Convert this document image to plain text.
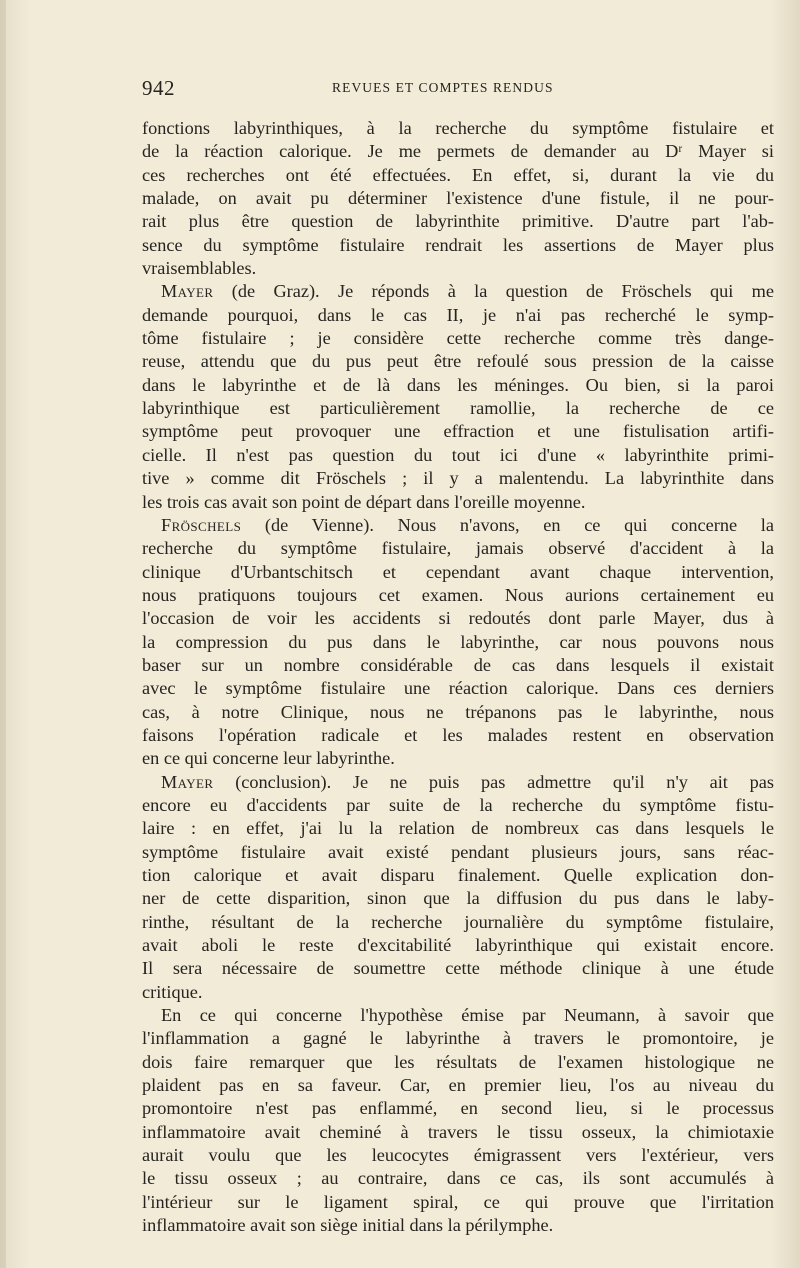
942	REVUES ET COMPTES RENDUS
fonctions labyrinthiques, à la recherche du symptôme fistulaire et
de la réaction calorique. Je me permets de demander au Dʳ Mayer si
ces recherches ont été effectuées. En effet, si, durant la vie du
malade, on avait pu déterminer l'existence d'une fistule, il ne pour-
rait plus être question de labyrinthite primitive. D'autre part l'ab-
sence du symptôme fistulaire rendrait les assertions de Mayer plus
vraisemblables.
Mayer (de Graz). Je réponds à la question de Fröschels qui me
demande pourquoi, dans le cas II, je n'ai pas recherché le symp-
tôme fistulaire ; je considère cette recherche comme très dange-
reuse, attendu que du pus peut être refoulé sous pression de la caisse
dans le labyrinthe et de là dans les méninges. Ou bien, si la paroi
labyrinthique est particulièrement ramollie, la recherche de ce
symptôme peut provoquer une effraction et une fistulisation artifi-
cielle. Il n'est pas question du tout ici d'une « labyrinthite primi-
tive » comme dit Fröschels ; il y a malentendu. La labyrinthite dans
les trois cas avait son point de départ dans l'oreille moyenne.
Fröschels (de Vienne). Nous n'avons, en ce qui concerne la
recherche du symptôme fistulaire, jamais observé d'accident à la
clinique d'Urbantschitsch et cependant avant chaque intervention,
nous pratiquons toujours cet examen. Nous aurions certainement eu
l'occasion de voir les accidents si redoutés dont parle Mayer, dus à
la compression du pus dans le labyrinthe, car nous pouvons nous
baser sur un nombre considérable de cas dans lesquels il existait
avec le symptôme fistulaire une réaction calorique. Dans ces derniers
cas, à notre Clinique, nous ne trépanons pas le labyrinthe, nous
faisons l'opération radicale et les malades restent en observation
en ce qui concerne leur labyrinthe.
Mayer (conclusion). Je ne puis pas admettre qu'il n'y ait pas
encore eu d'accidents par suite de la recherche du symptôme fistu-
laire : en effet, j'ai lu la relation de nombreux cas dans lesquels le
symptôme fistulaire avait existé pendant plusieurs jours, sans réac-
tion calorique et avait disparu finalement. Quelle explication don-
ner de cette disparition, sinon que la diffusion du pus dans le laby-
rinthe, résultant de la recherche journalière du symptôme fistulaire,
avait aboli le reste d'excitabilité labyrinthique qui existait encore.
Il sera nécessaire de soumettre cette méthode clinique à une étude
critique.
En ce qui concerne l'hypothèse émise par Neumann, à savoir que
l'inflammation a gagné le labyrinthe à travers le promontoire, je
dois faire remarquer que les résultats de l'examen histologique ne
plaident pas en sa faveur. Car, en premier lieu, l'os au niveau du
promontoire n'est pas enflammé, en second lieu, si le processus
inflammatoire avait cheminé à travers le tissu osseux, la chimiotaxie
aurait voulu que les leucocytes émigrassent vers l'extérieur, vers
le tissu osseux ; au contraire, dans ce cas, ils sont accumulés à
l'intérieur sur le ligament spiral, ce qui prouve que l'irritation
inflammatoire avait son siège initial dans la périlymphe.
